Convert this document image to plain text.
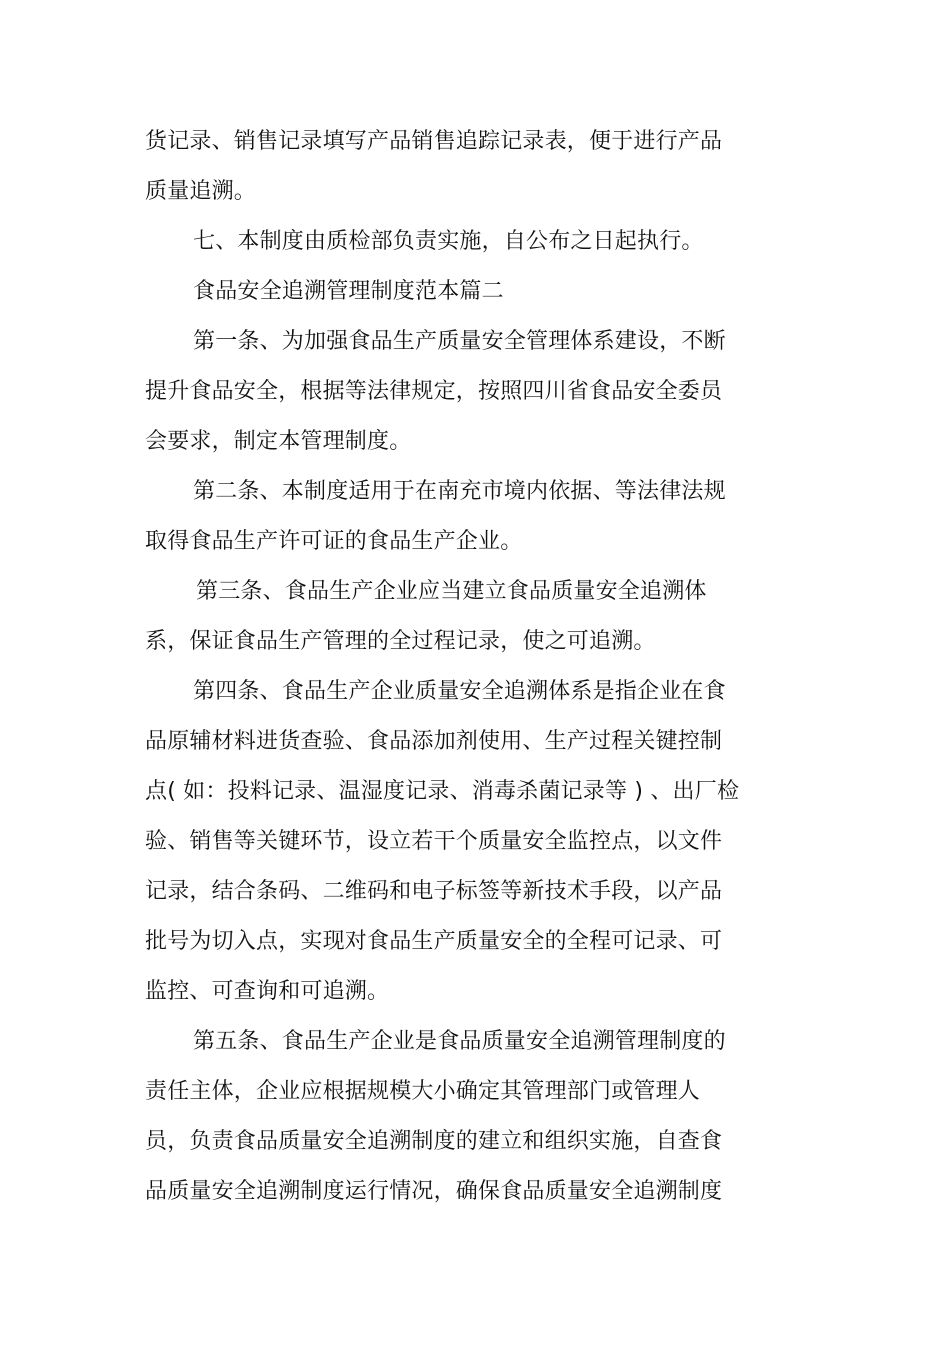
货记录、销售记录填写产品销售追踪记录表，便于进行产品
质量追溯。
七、本制度由质检部负责实施，自公布之日起执行。
食品安全追溯管理制度范本篇二
第一条、为加强食品生产质量安全管理体系建设，不断
提升食品安全，根据等法律规定，按照四川省食品安全委员
会要求，制定本管理制度。
第二条、本制度适用于在南充市境内依据、等法律法规
取得食品生产许可证的食品生产企业。
第三条、食品生产企业应当建立食品质量安全追溯体
系，保证食品生产管理的全过程记录，使之可追溯。
第四条、食品生产企业质量安全追溯体系是指企业在食
品原辅材料进货查验、食品添加剂使用、生产过程关键控制
点( 如：投料记录、温湿度记录、消毒杀菌记录等 ) 、出厂检
验、销售等关键环节，设立若干个质量安全监控点，以文件
记录，结合条码、二维码和电子标签等新技术手段，以产品
批号为切入点，实现对食品生产质量安全的全程可记录、可
监控、可查询和可追溯。
第五条、食品生产企业是食品质量安全追溯管理制度的
责任主体，企业应根据规模大小确定其管理部门或管理人
员，负责食品质量安全追溯制度的建立和组织实施，自查食
品质量安全追溯制度运行情况，确保食品质量安全追溯制度
